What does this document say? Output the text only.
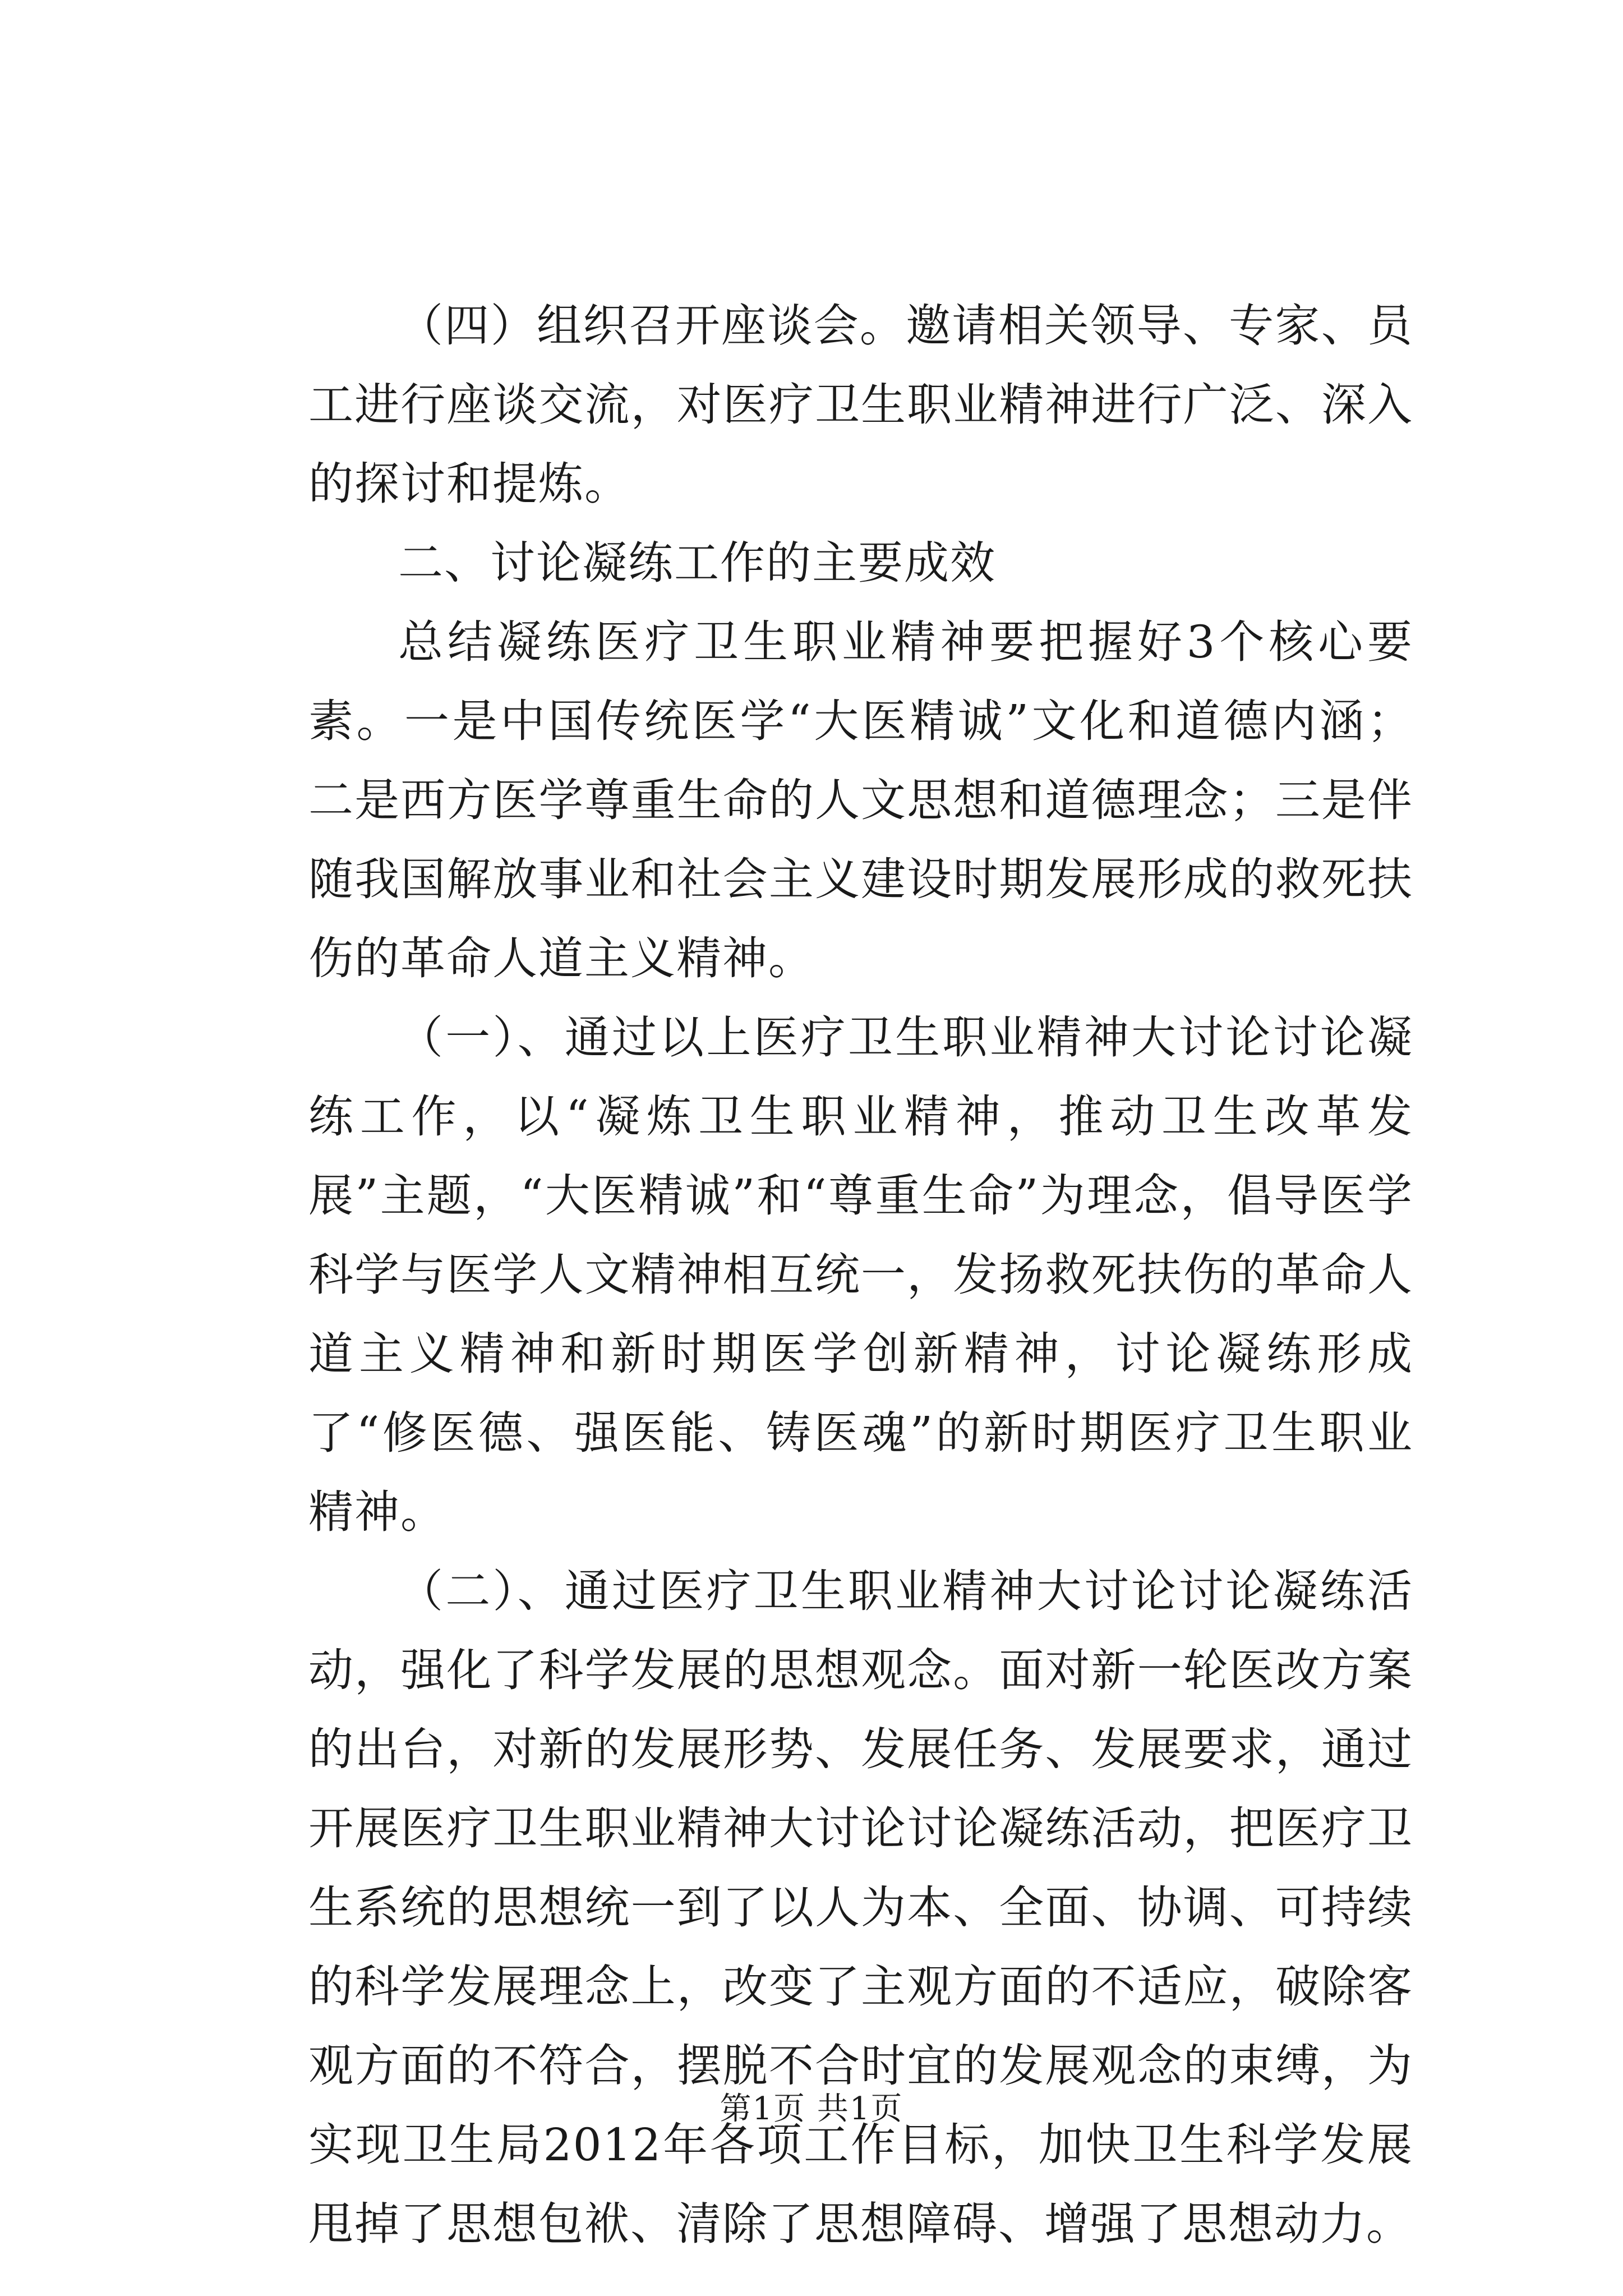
（四）组织召开座谈会。邀请相关领导、专家、员工进行座谈交流，对医疗卫生职业精神进行广泛、深入的探讨和提炼。

二、讨论凝练工作的主要成效

总结凝练医疗卫生职业精神要把握好3个核心要素。一是中国传统医学“大医精诚”文化和道德内涵；二是西方医学尊重生命的人文思想和道德理念；三是伴随我国解放事业和社会主义建设时期发展形成的救死扶伤的革命人道主义精神。

（一）、通过以上医疗卫生职业精神大讨论讨论凝练工作，以“凝炼卫生职业精神，推动卫生改革发展”主题，“大医精诚”和“尊重生命”为理念，倡导医学科学与医学人文精神相互统一，发扬救死扶伤的革命人道主义精神和新时期医学创新精神，讨论凝练形成了“修医德、强医能、铸医魂”的新时期医疗卫生职业精神。

（二）、通过医疗卫生职业精神大讨论讨论凝练活动，强化了科学发展的思想观念。面对新一轮医改方案的出台，对新的发展形势、发展任务、发展要求，通过开展医疗卫生职业精神大讨论讨论凝练活动，把医疗卫生系统的思想统一到了以人为本、全面、协调、可持续的科学发展理念上，改变了主观方面的不适应，破除客观方面的不符合，摆脱不合时宜的发展观念的束缚，为实现卫生局2012年各项工作目标，加快卫生科学发展甩掉了思想包袱、清除了思想障碍、增强了思想动力。

第1页 共1页
